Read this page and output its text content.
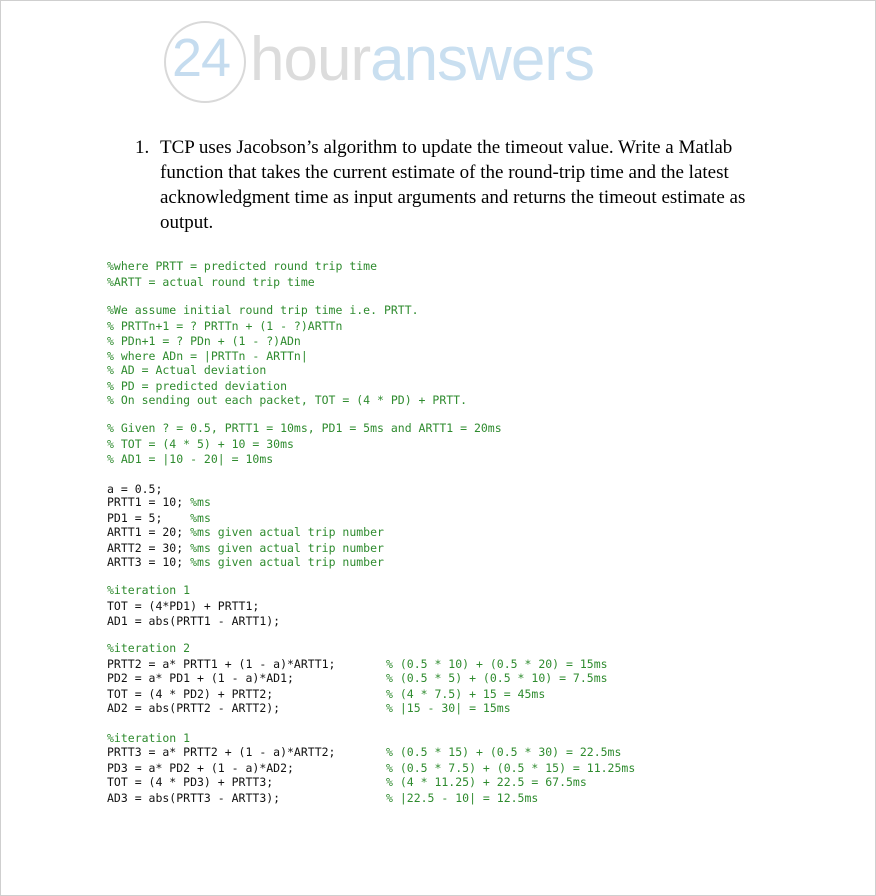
24 houranswers
1. TCP uses Jacobson’s algorithm to update the timeout value. Write a Matlab function that takes the current estimate of the round-trip time and the latest acknowledgment time as input arguments and returns the timeout estimate as output.
%where PRTT = predicted round trip time
%ARTT = actual round trip time
%We assume initial round trip time i.e. PRTT.
% PRTTn+1 = ? PRTTn + (1 - ?)ARTTn
% PDn+1 = ? PDn + (1 - ?)ADn
% where ADn = |PRTTn - ARTTn|
% AD = Actual deviation
% PD = predicted deviation
% On sending out each packet, TOT = (4 * PD) + PRTT.
% Given ? = 0.5, PRTT1 = 10ms, PD1 = 5ms and ARTT1 = 20ms
% TOT = (4 * 5) + 10 = 30ms
% AD1 = |10 - 20| = 10ms
a = 0.5;
PRTT1 = 10; %ms
PD1 = 5;    %ms
ARTT1 = 20; %ms given actual trip number
ARTT2 = 30; %ms given actual trip number
ARTT3 = 10; %ms given actual trip number
%iteration 1
TOT = (4*PD1) + PRTT1;
AD1 = abs(PRTT1 - ARTT1);
%iteration 2
PRTT2 = a* PRTT1 + (1 - a)*ARTT1;	% (0.5 * 10) + (0.5 * 20) = 15ms
PD2 = a* PD1 + (1 - a)*AD1;	% (0.5 * 5) + (0.5 * 10) = 7.5ms
TOT = (4 * PD2) + PRTT2;	% (4 * 7.5) + 15 = 45ms
AD2 = abs(PRTT2 - ARTT2);	% |15 - 30| = 15ms
%iteration 1
PRTT3 = a* PRTT2 + (1 - a)*ARTT2;	% (0.5 * 15) + (0.5 * 30) = 22.5ms
PD3 = a* PD2 + (1 - a)*AD2;	% (0.5 * 7.5) + (0.5 * 15) = 11.25ms
TOT = (4 * PD3) + PRTT3;	% (4 * 11.25) + 22.5 = 67.5ms
AD3 = abs(PRTT3 - ARTT3);	% |22.5 - 10| = 12.5ms
